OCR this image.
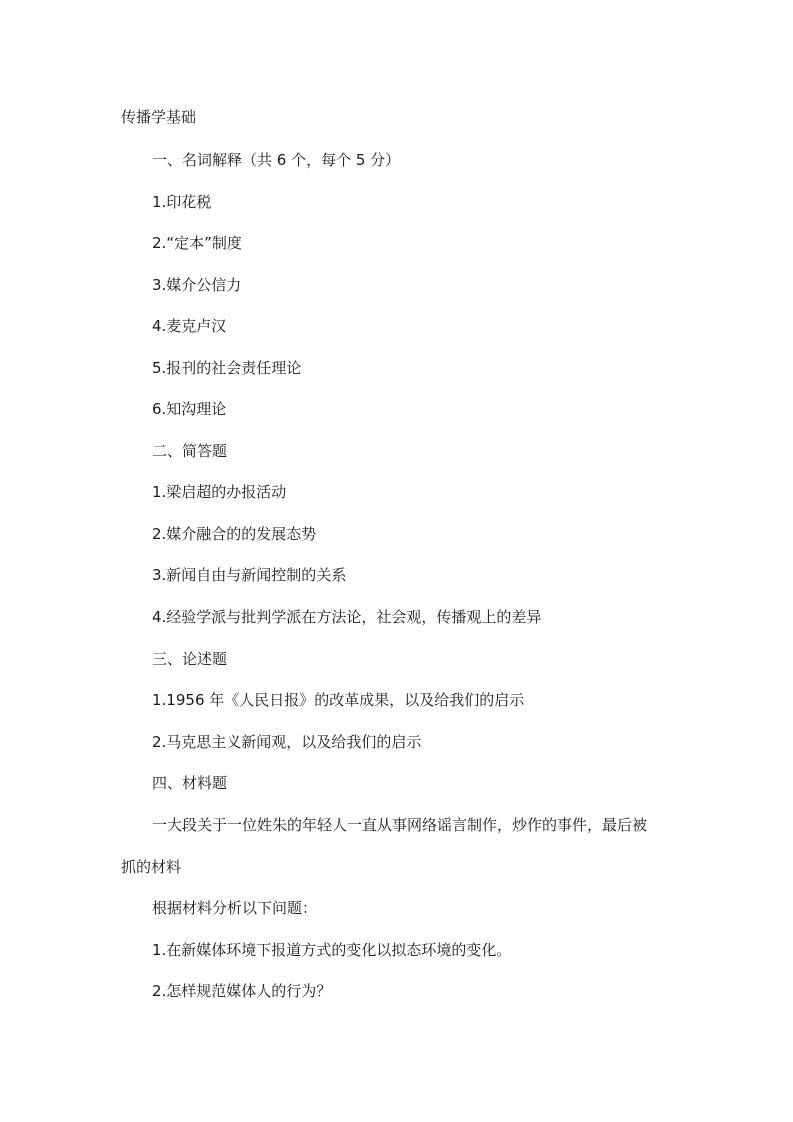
传播学基础

一、名词解释（共 6 个，每个 5 分）

1.印花税

2.“定本”制度

3.媒介公信力

4.麦克卢汉

5.报刊的社会责任理论

6.知沟理论

二、简答题

1.梁启超的办报活动

2.媒介融合的的发展态势

3.新闻自由与新闻控制的关系

4.经验学派与批判学派在方法论，社会观，传播观上的差异

三、论述题

1.1956 年《人民日报》的改革成果，以及给我们的启示

2.马克思主义新闻观，以及给我们的启示

四、材料题

一大段关于一位姓朱的年轻人一直从事网络谣言制作，炒作的事件，最后被

抓的材料

根据材料分析以下问题：

1.在新媒体环境下报道方式的变化以拟态环境的变化。

2.怎样规范媒体人的行为？
